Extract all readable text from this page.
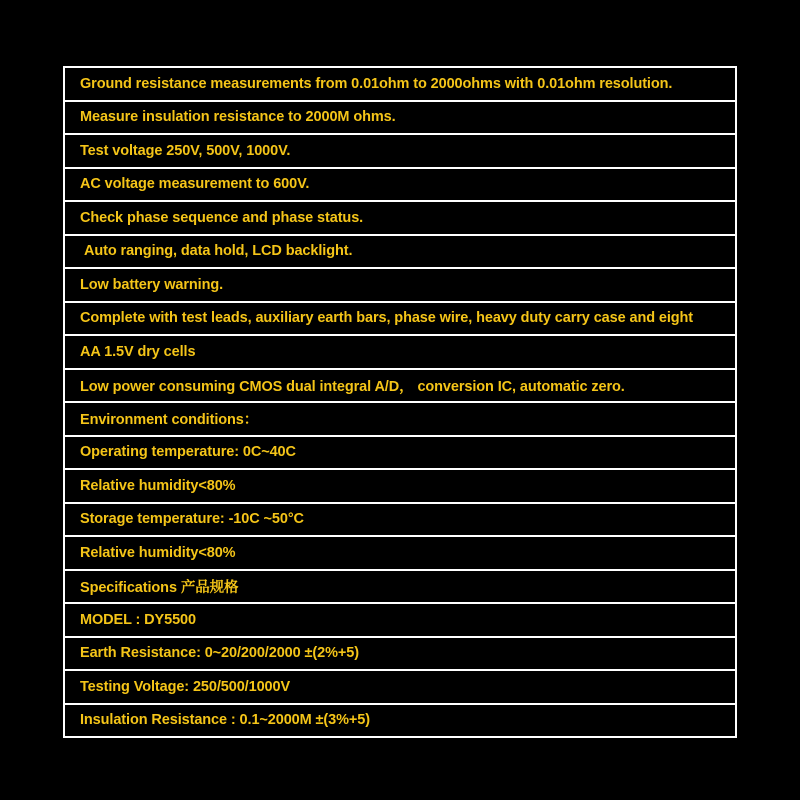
Ground resistance measurements from 0.01ohm to 2000ohms with 0.01ohm resolution.
Measure insulation resistance to 2000M ohms.
Test voltage 250V, 500V, 1000V.
AC voltage measurement to 600V.
Check phase sequence and phase status.
Auto ranging, data hold, LCD backlight.
Low battery warning.
Complete with test leads, auxiliary earth bars, phase wire, heavy duty carry case and eight
AA 1.5V dry cells
Low power consuming CMOS dual integral A/D， conversion IC, automatic zero.
Environment conditions：
Operating temperature: 0C~40C
Relative humidity<80%
Storage temperature: -10C ~50°C
Relative humidity<80%
Specifications 产品规格
MODEL : DY5500
Earth Resistance: 0~20/200/2000 ±(2%+5)
Testing Voltage: 250/500/1000V
Insulation Resistance : 0.1~2000M ±(3%+5)
